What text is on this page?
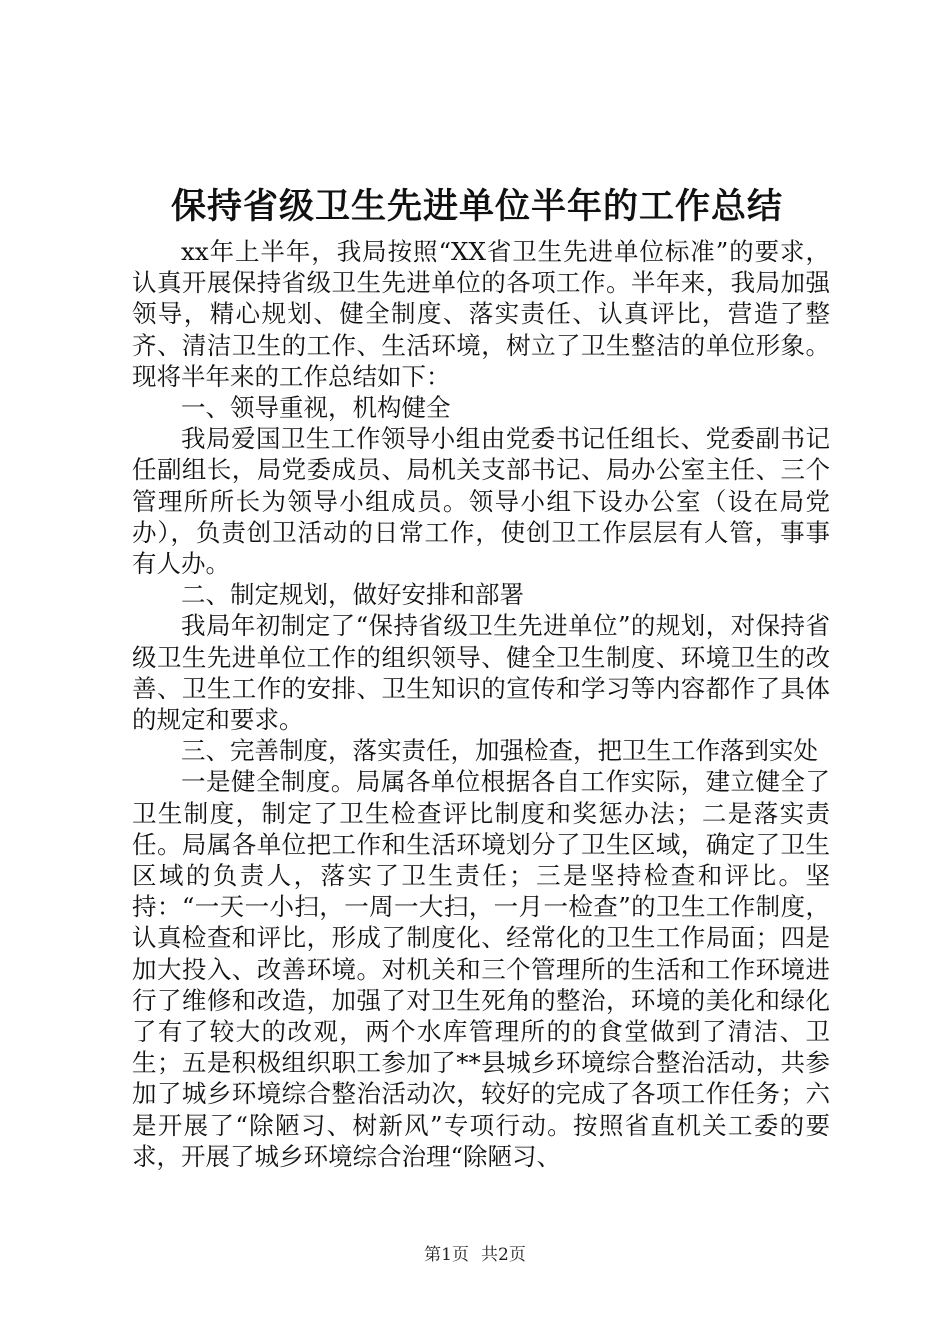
保持省级卫生先进单位半年的工作总结

xx年上半年，我局按照“XX省卫生先进单位标准”的要求，认真开展保持省级卫生先进单位的各项工作。半年来，我局加强领导，精心规划、健全制度、落实责任、认真评比，营造了整齐、清洁卫生的工作、生活环境，树立了卫生整洁的单位形象。现将半年来的工作总结如下：

一、领导重视，机构健全

我局爱国卫生工作领导小组由党委书记任组长、党委副书记任副组长，局党委成员、局机关支部书记、局办公室主任、三个管理所所长为领导小组成员。领导小组下设办公室（设在局党办），负责创卫活动的日常工作，使创卫工作层层有人管，事事有人办。

二、制定规划，做好安排和部署

我局年初制定了“保持省级卫生先进单位”的规划，对保持省级卫生先进单位工作的组织领导、健全卫生制度、环境卫生的改善、卫生工作的安排、卫生知识的宣传和学习等内容都作了具体的规定和要求。

三、完善制度，落实责任，加强检查，把卫生工作落到实处

一是健全制度。局属各单位根据各自工作实际，建立健全了卫生制度，制定了卫生检查评比制度和奖惩办法；二是落实责任。局属各单位把工作和生活环境划分了卫生区域，确定了卫生区域的负责人，落实了卫生责任；三是坚持检查和评比。坚持：“一天一小扫，一周一大扫，一月一检查”的卫生工作制度，认真检查和评比，形成了制度化、经常化的卫生工作局面；四是加大投入、改善环境。对机关和三个管理所的生活和工作环境进行了维修和改造，加强了对卫生死角的整治，环境的美化和绿化了有了较大的改观，两个水库管理所的的食堂做到了清洁、卫生；五是积极组织职工参加了**县城乡环境综合整治活动，共参加了城乡环境综合整治活动次，较好的完成了各项工作任务；六是开展了“除陋习、树新风”专项行动。按照省直机关工委的要求，开展了城乡环境综合治理“除陋习、

第1页 共2页
